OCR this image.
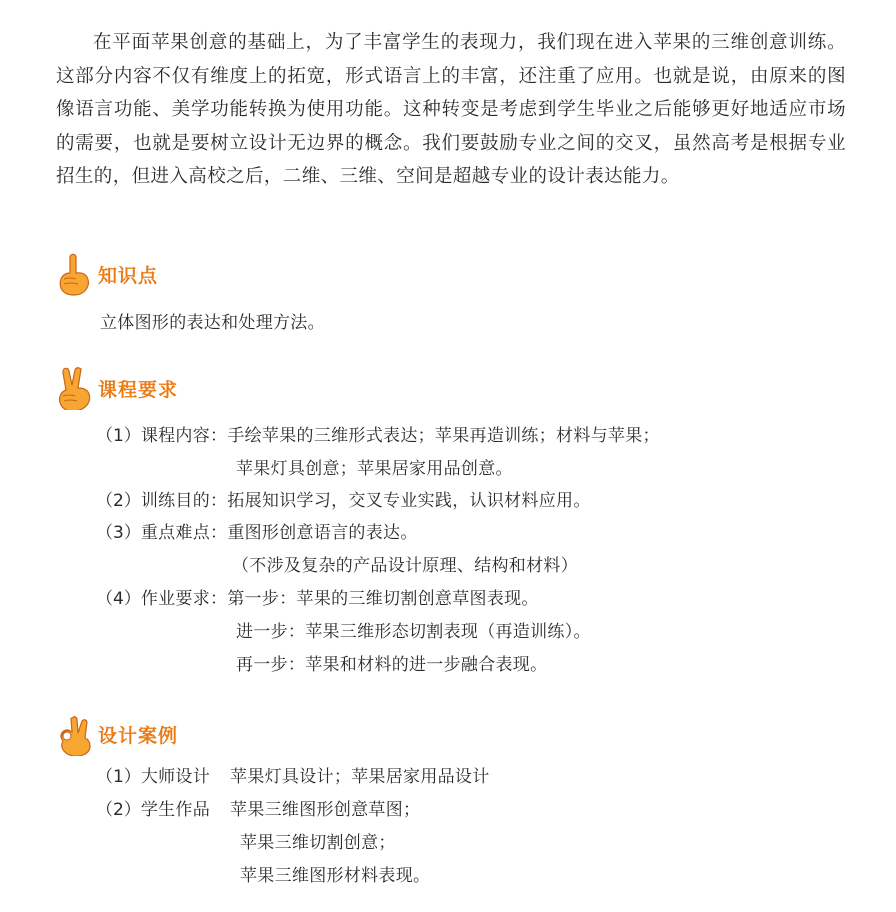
在平面苹果创意的基础上，为了丰富学生的表现力，我们现在进入苹果的三维创意训练。这部分内容不仅有维度上的拓宽，形式语言上的丰富，还注重了应用。也就是说，由原来的图像语言功能、美学功能转换为使用功能。这种转变是考虑到学生毕业之后能够更好地适应市场的需要，也就是要树立设计无边界的概念。我们要鼓励专业之间的交叉，虽然高考是根据专业招生的，但进入高校之后，二维、三维、空间是超越专业的设计表达能力。

知识点
立体图形的表达和处理方法。
课程要求
（1）课程内容：手绘苹果的三维形式表达；苹果再造训练；材料与苹果；
苹果灯具创意；苹果居家用品创意。
（2）训练目的：拓展知识学习，交叉专业实践，认识材料应用。
（3）重点难点：重图形创意语言的表达。
（不涉及复杂的产品设计原理、结构和材料）
（4）作业要求：第一步：苹果的三维切割创意草图表现。
进一步：苹果三维形态切割表现（再造训练）。
再一步：苹果和材料的进一步融合表现。
设计案例
（1）大师设计 苹果灯具设计；苹果居家用品设计
（2）学生作品 苹果三维图形创意草图；
苹果三维切割创意；
苹果三维图形材料表现。
